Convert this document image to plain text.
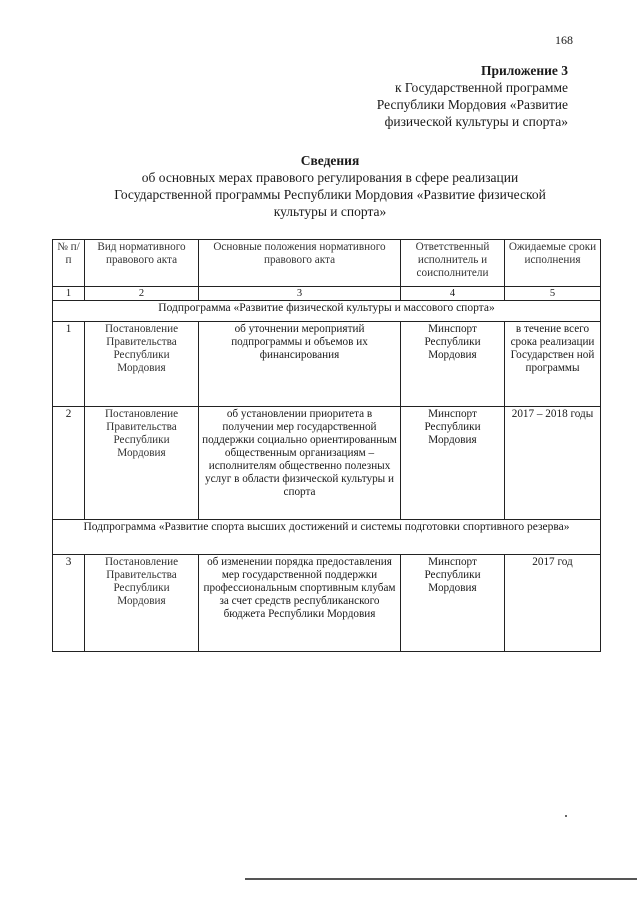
168
Приложение 3
к Государственной программе
Республики Мордовия «Развитие
физической культуры и спорта»
Сведения
об основных мерах правового регулирования в сфере реализации
Государственной программы Республики Мордовия «Развитие физической
культуры и спорта»
№ п/п	Вид нормативного правового акта	Основные положения нормативного правового акта	Ответственный исполнитель и соисполнители	Ожидаемые сроки исполнения
1	2	3	4	5
Подпрограмма «Развитие физической культуры и массового спорта»				
1	Постановление Правительства Республики Мордовия	об уточнении мероприятий подпрограммы и объемов их финансирования	Минспорт Республики Мордовия	в течение всего срока реализации Государствен ной программы
2	Постановление Правительства Республики Мордовия	об установлении приоритета в получении мер государственной поддержки социально ориентированным общественным организациям – исполнителям общественно полезных услуг в области физической культуры и спорта	Минспорт Республики Мордовия	2017 – 2018 годы
Подпрограмма «Развитие спорта высших достижений и системы подготовки спортивного резерва»				
3	Постановление Правительства Республики Мордовия	об изменении порядка предоставления мер государственной поддержки профессиональным спортивным клубам за счет средств республиканского бюджета Республики Мордовия	Минспорт Республики Мордовия	2017 год
